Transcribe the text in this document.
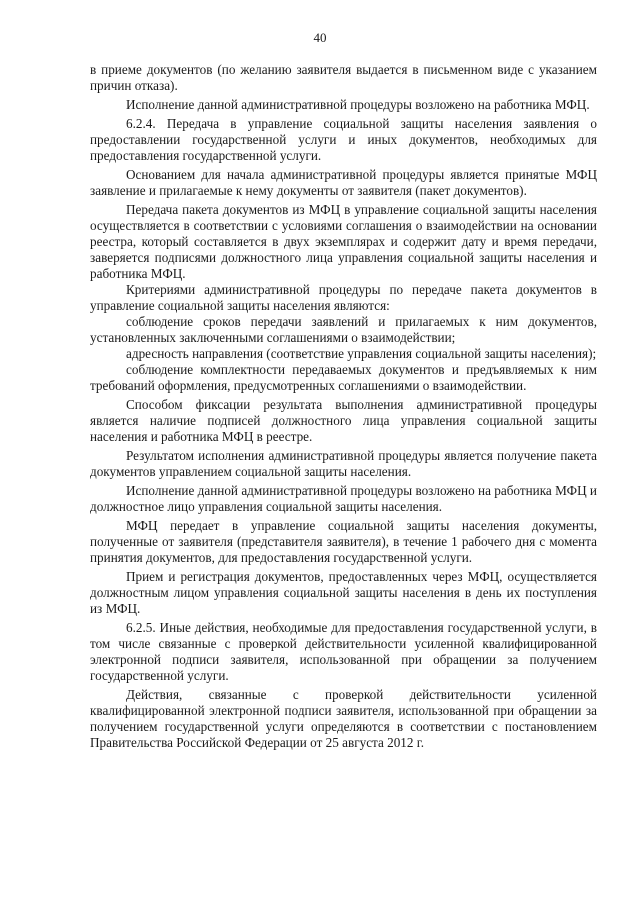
40

в приеме документов (по желанию заявителя выдается в письменном виде с указанием причин отказа).

Исполнение данной административной процедуры возложено на работника МФЦ.

6.2.4. Передача в управление социальной защиты населения заявления о предоставлении государственной услуги и иных документов, необходимых для предоставления государственной услуги.

Основанием для начала административной процедуры является принятые МФЦ заявление и прилагаемые к нему документы от заявителя (пакет документов).

Передача пакета документов из МФЦ в управление социальной защиты населения осуществляется в соответствии с условиями соглашения о взаимодействии на основании реестра, который составляется в двух экземплярах и содержит дату и время передачи, заверяется подписями должностного лица управления социальной защиты населения и работника МФЦ.

Критериями административной процедуры по передаче пакета документов в управление социальной защиты населения являются:

соблюдение сроков передачи заявлений и прилагаемых к ним документов, установленных заключенными соглашениями о взаимодействии;

адресность направления (соответствие управления социальной защиты населения);

соблюдение комплектности передаваемых документов и предъявляемых к ним требований оформления, предусмотренных соглашениями о взаимодействии.

Способом фиксации результата выполнения административной процедуры является наличие подписей должностного лица управления социальной защиты населения и работника МФЦ в реестре.

Результатом исполнения административной процедуры является получение пакета документов управлением социальной защиты населения.

Исполнение данной административной процедуры возложено на работника МФЦ и должностное лицо управления социальной защиты населения.

МФЦ передает в управление социальной защиты населения документы, полученные от заявителя (представителя заявителя), в течение 1 рабочего дня с момента принятия документов, для предоставления государственной услуги.

Прием и регистрация документов, предоставленных через МФЦ, осуществляется должностным лицом управления социальной защиты населения в день их поступления из МФЦ.

6.2.5. Иные действия, необходимые для предоставления государственной услуги, в том числе связанные с проверкой действительности усиленной квалифицированной электронной подписи заявителя, использованной при обращении за получением государственной услуги.

Действия, связанные с проверкой действительности усиленной квалифицированной электронной подписи заявителя, использованной при обращении за получением государственной услуги определяются в соответствии с постановлением Правительства Российской Федерации от 25 августа 2012 г.
